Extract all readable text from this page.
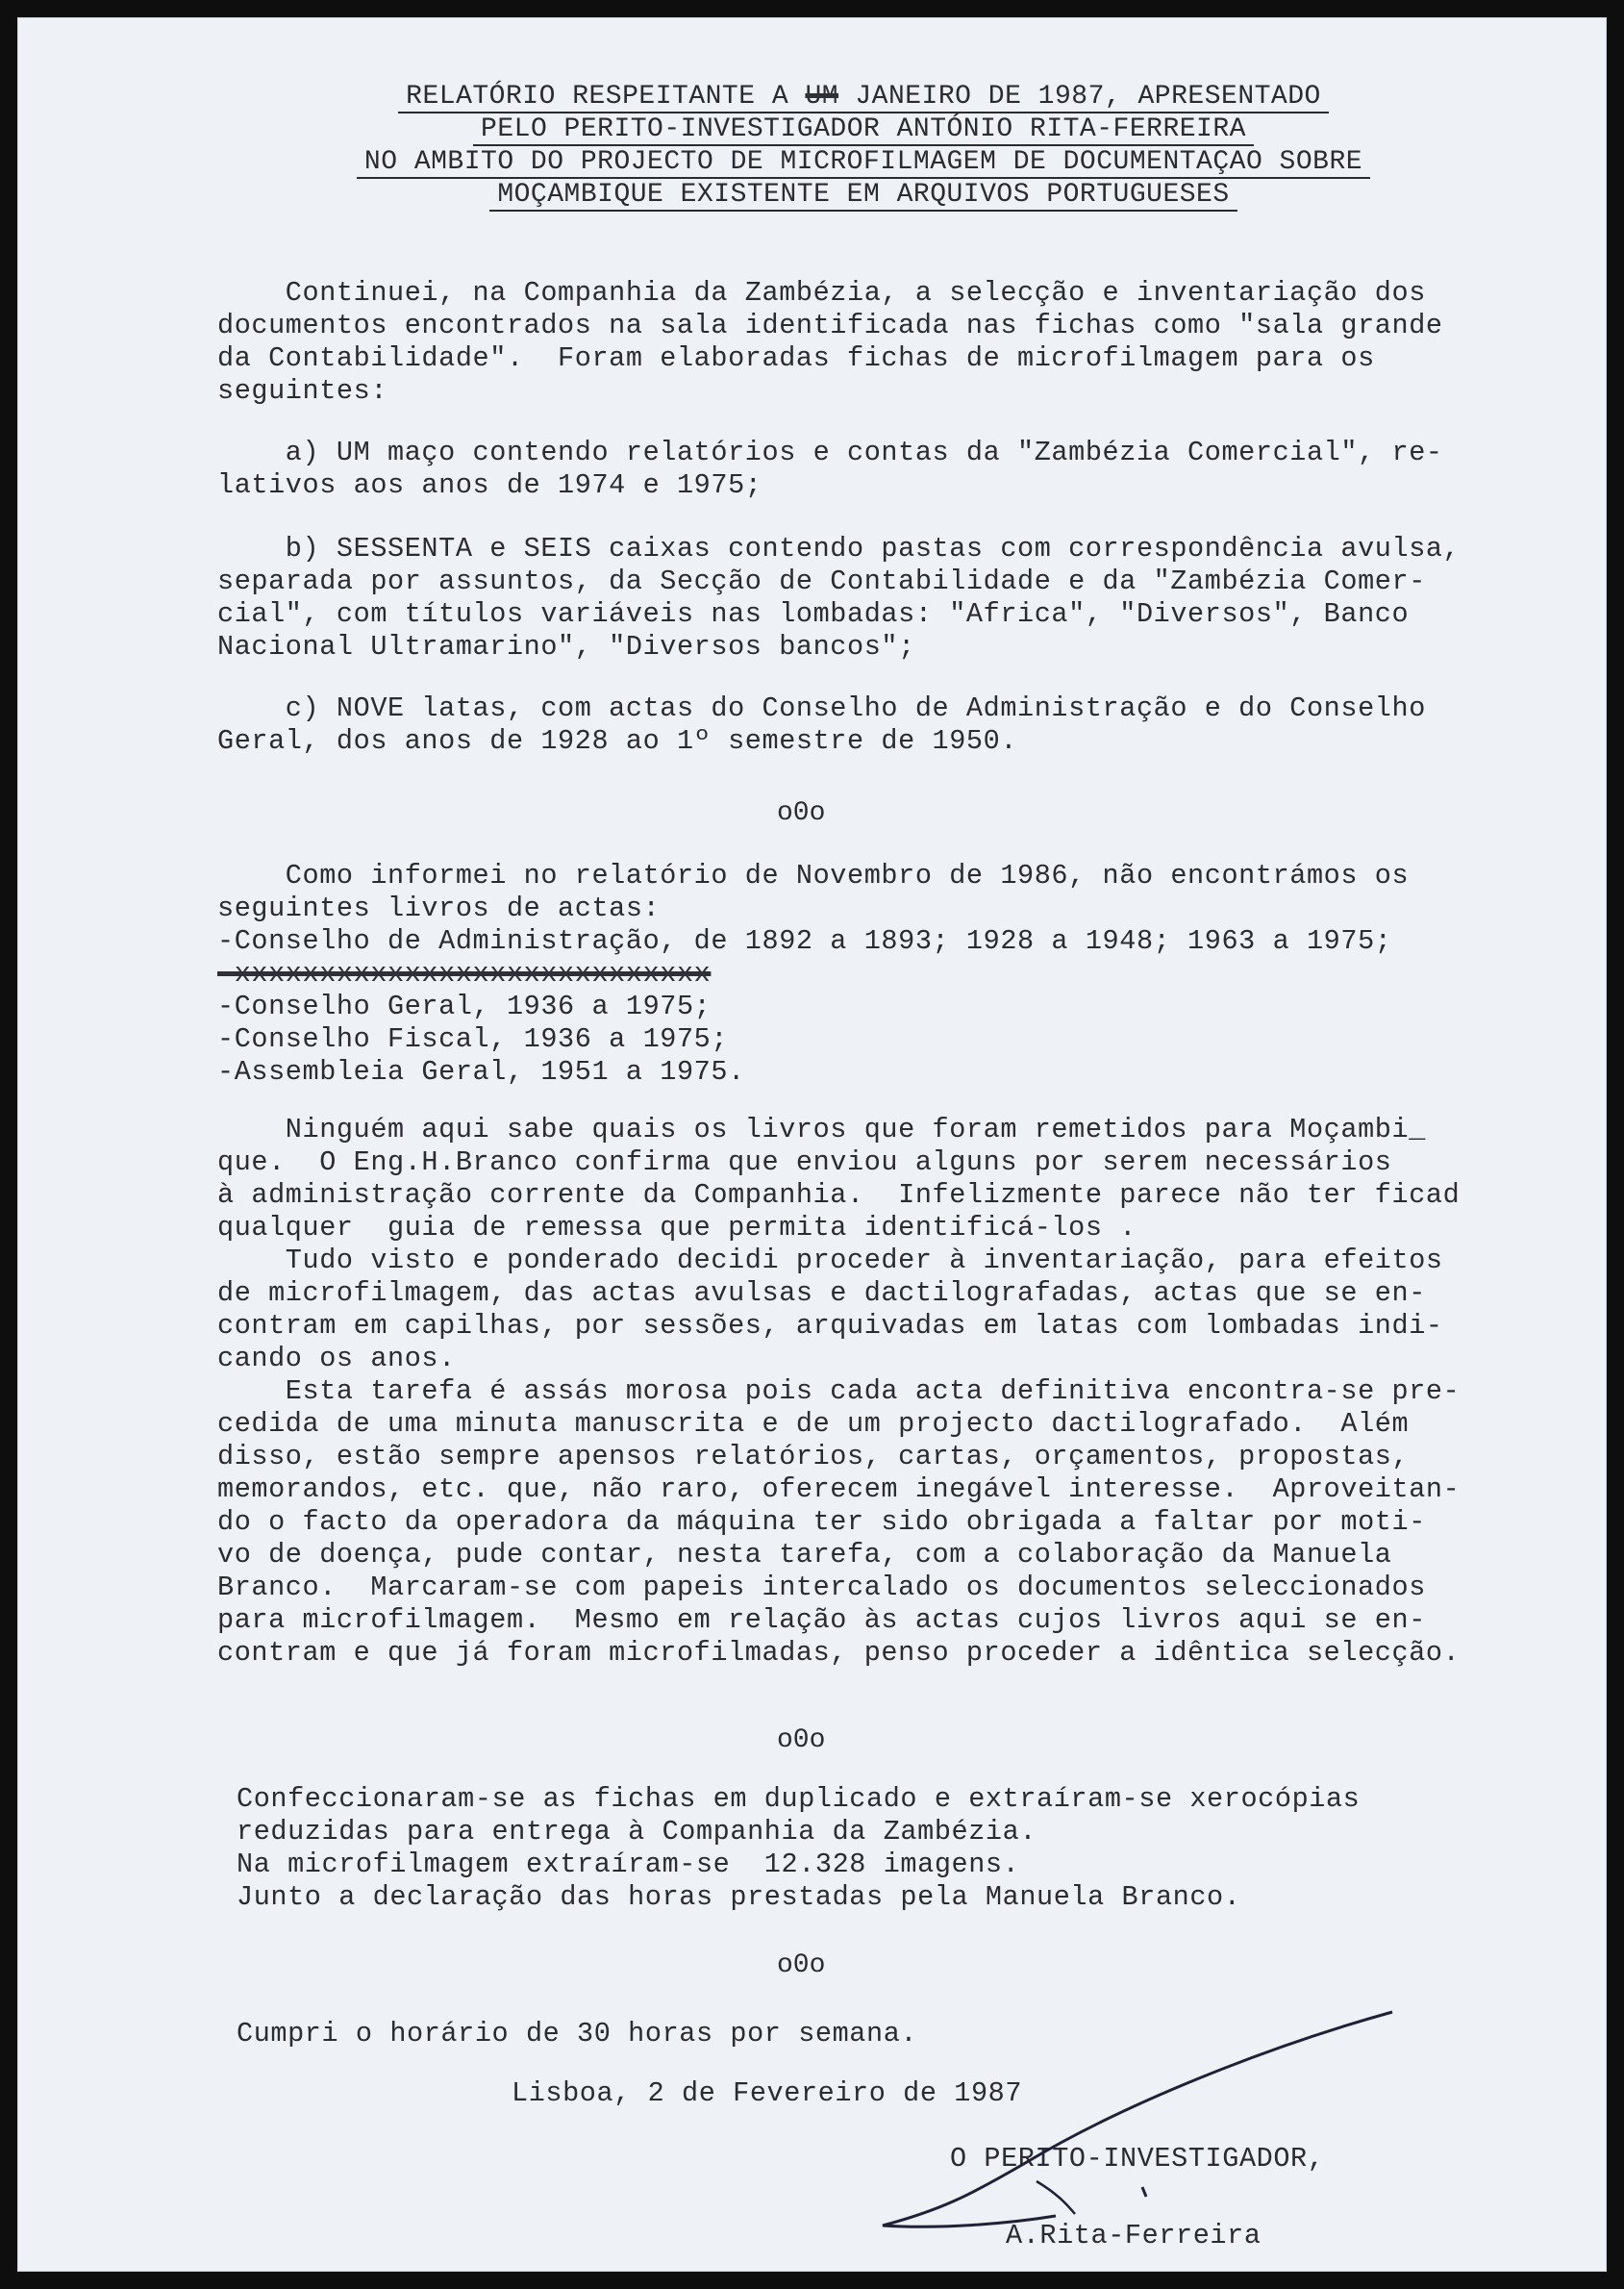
RELATÓRIO RESPEITANTE A UM JANEIRO DE 1987, APRESENTADO
PELO PERITO-INVESTIGADOR ANTÓNIO RITA-FERREIRA
NO AMBITO DO PROJECTO DE MICROFILMAGEM DE DOCUMENTAÇAO SOBRE
MOÇAMBIQUE EXISTENTE EM ARQUIVOS PORTUGUESES
Continuei, na Companhia da Zambézia, a selecção e inventariação dos
documentos encontrados na sala identificada nas fichas como "sala grande
da Contabilidade".  Foram elaboradas fichas de microfilmagem para os
seguintes:
a) UM maço contendo relatórios e contas da "Zambézia Comercial", re-
lativos aos anos de 1974 e 1975;
b) SESSENTA e SEIS caixas contendo pastas com correspondência avulsa,
separada por assuntos, da Secção de Contabilidade e da "Zambézia Comer-
cial", com títulos variáveis nas lombadas: "Africa", "Diversos", Banco
Nacional Ultramarino", "Diversos bancos";
c) NOVE latas, com actas do Conselho de Administração e do Conselho
Geral, dos anos de 1928 ao 1º semestre de 1950.
o0o
Como informei no relatório de Novembro de 1986, não encontrámos os
seguintes livros de actas:
-Conselho de Administração, de 1892 a 1893; 1928 a 1948; 1963 a 1975;
-xxxxxxxxxxxxxxxxxxxxxxxxxxxx
-Conselho Geral, 1936 a 1975;
-Conselho Fiscal, 1936 a 1975;
-Assembleia Geral, 1951 a 1975.
Ninguém aqui sabe quais os livros que foram remetidos para Moçambi_
que.  O Eng.H.Branco confirma que enviou alguns por serem necessários
à administração corrente da Companhia.  Infelizmente parece não ter ficad
qualquer  guia de remessa que permita identificá-los .
Tudo visto e ponderado decidi proceder à inventariação, para efeitos
de microfilmagem, das actas avulsas e dactilografadas, actas que se en-
contram em capilhas, por sessões, arquivadas em latas com lombadas indi-
cando os anos.
Esta tarefa é assás morosa pois cada acta definitiva encontra-se pre-
cedida de uma minuta manuscrita e de um projecto dactilografado.  Além
disso, estão sempre apensos relatórios, cartas, orçamentos, propostas,
memorandos, etc. que, não raro, oferecem inegável interesse.  Aproveitan-
do o facto da operadora da máquina ter sido obrigada a faltar por moti-
vo de doença, pude contar, nesta tarefa, com a colaboração da Manuela
Branco.  Marcaram-se com papeis intercalado os documentos seleccionados
para microfilmagem.  Mesmo em relação às actas cujos livros aqui se en-
contram e que já foram microfilmadas, penso proceder a idêntica selecção.
o0o
Confeccionaram-se as fichas em duplicado e extraíram-se xerocópias
reduzidas para entrega à Companhia da Zambézia.
Na microfilmagem extraíram-se  12.328 imagens.
Junto a declaração das horas prestadas pela Manuela Branco.
o0o
Cumpri o horário de 30 horas por semana.
Lisboa, 2 de Fevereiro de 1987
O PERITO-INVESTIGADOR,
A.Rita-Ferreira
